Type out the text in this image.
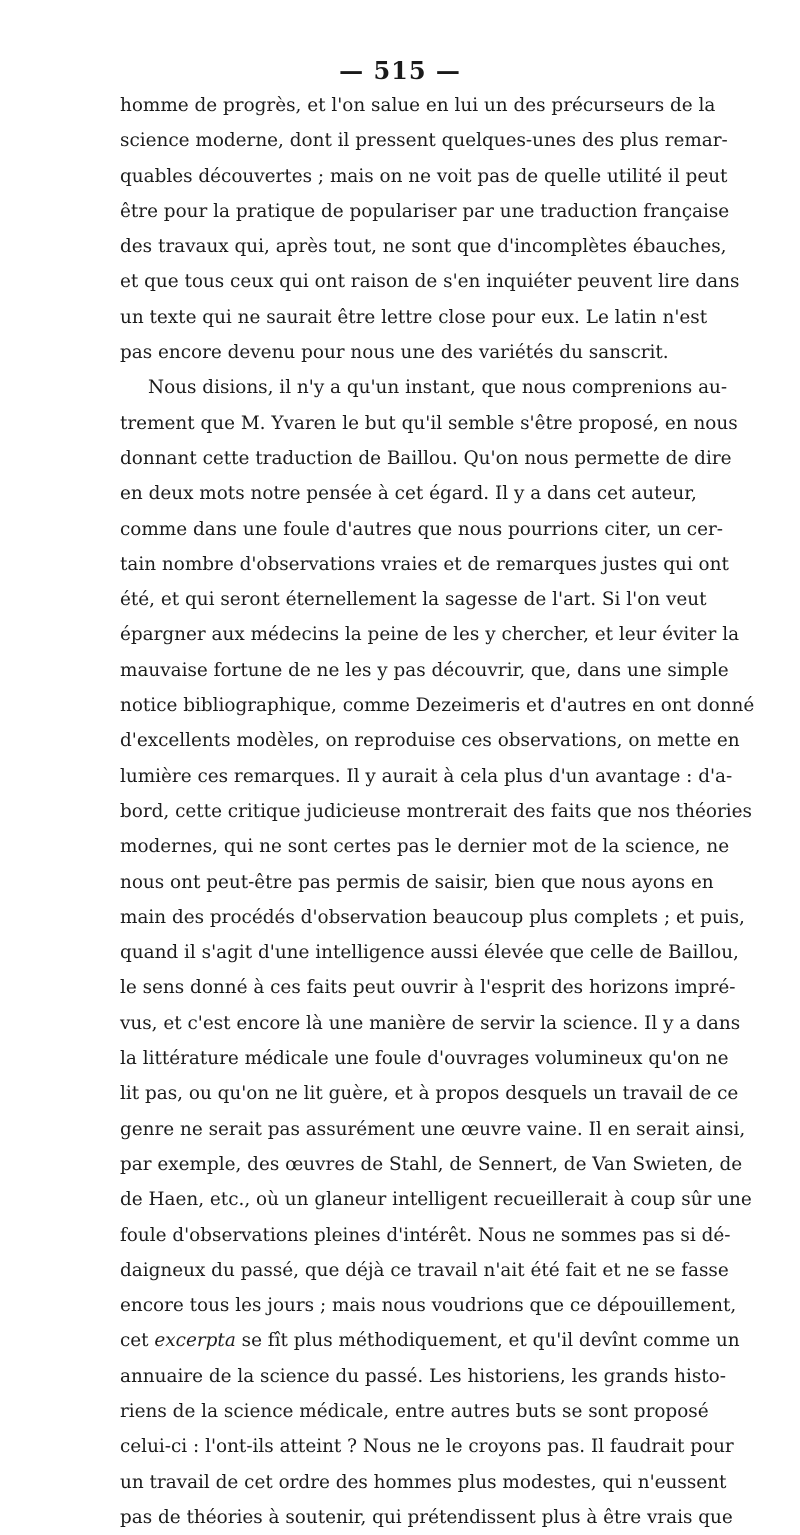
— 515 —
homme de progrès, et l'on salue en lui un des précurseurs de la
science moderne, dont il pressent quelques-unes des plus remar-
quables découvertes ; mais on ne voit pas de quelle utilité il peut
être pour la pratique de populariser par une traduction française
des travaux qui, après tout, ne sont que d'incomplètes ébauches,
et que tous ceux qui ont raison de s'en inquiéter peuvent lire dans
un texte qui ne saurait être lettre close pour eux. Le latin n'est
pas encore devenu pour nous une des variétés du sanscrit.
Nous disions, il n'y a qu'un instant, que nous comprenions au-
trement que M. Yvaren le but qu'il semble s'être proposé, en nous
donnant cette traduction de Baillou. Qu'on nous permette de dire
en deux mots notre pensée à cet égard. Il y a dans cet auteur,
comme dans une foule d'autres que nous pourrions citer, un cer-
tain nombre d'observations vraies et de remarques justes qui ont
été, et qui seront éternellement la sagesse de l'art. Si l'on veut
épargner aux médecins la peine de les y chercher, et leur éviter la
mauvaise fortune de ne les y pas découvrir, que, dans une simple
notice bibliographique, comme Dezeimeris et d'autres en ont donné
d'excellents modèles, on reproduise ces observations, on mette en
lumière ces remarques. Il y aurait à cela plus d'un avantage : d'a-
bord, cette critique judicieuse montrerait des faits que nos théories
modernes, qui ne sont certes pas le dernier mot de la science, ne
nous ont peut-être pas permis de saisir, bien que nous ayons en
main des procédés d'observation beaucoup plus complets ; et puis,
quand il s'agit d'une intelligence aussi élevée que celle de Baillou,
le sens donné à ces faits peut ouvrir à l'esprit des horizons impré-
vus, et c'est encore là une manière de servir la science. Il y a dans
la littérature médicale une foule d'ouvrages volumineux qu'on ne
lit pas, ou qu'on ne lit guère, et à propos desquels un travail de ce
genre ne serait pas assurément une œuvre vaine. Il en serait ainsi,
par exemple, des œuvres de Stahl, de Sennert, de Van Swieten, de
de Haen, etc., où un glaneur intelligent recueillerait à coup sûr une
foule d'observations pleines d'intérêt. Nous ne sommes pas si dé-
daigneux du passé, que déjà ce travail n'ait été fait et ne se fasse
encore tous les jours ; mais nous voudrions que ce dépouillement,
cet excerpta se fît plus méthodiquement, et qu'il devînt comme un
annuaire de la science du passé. Les historiens, les grands histo-
riens de la science médicale, entre autres buts se sont proposé
celui-ci : l'ont-ils atteint ? Nous ne le croyons pas. Il faudrait pour
un travail de cet ordre des hommes plus modestes, qui n'eussent
pas de théories à soutenir, qui prétendissent plus à être vrais que
